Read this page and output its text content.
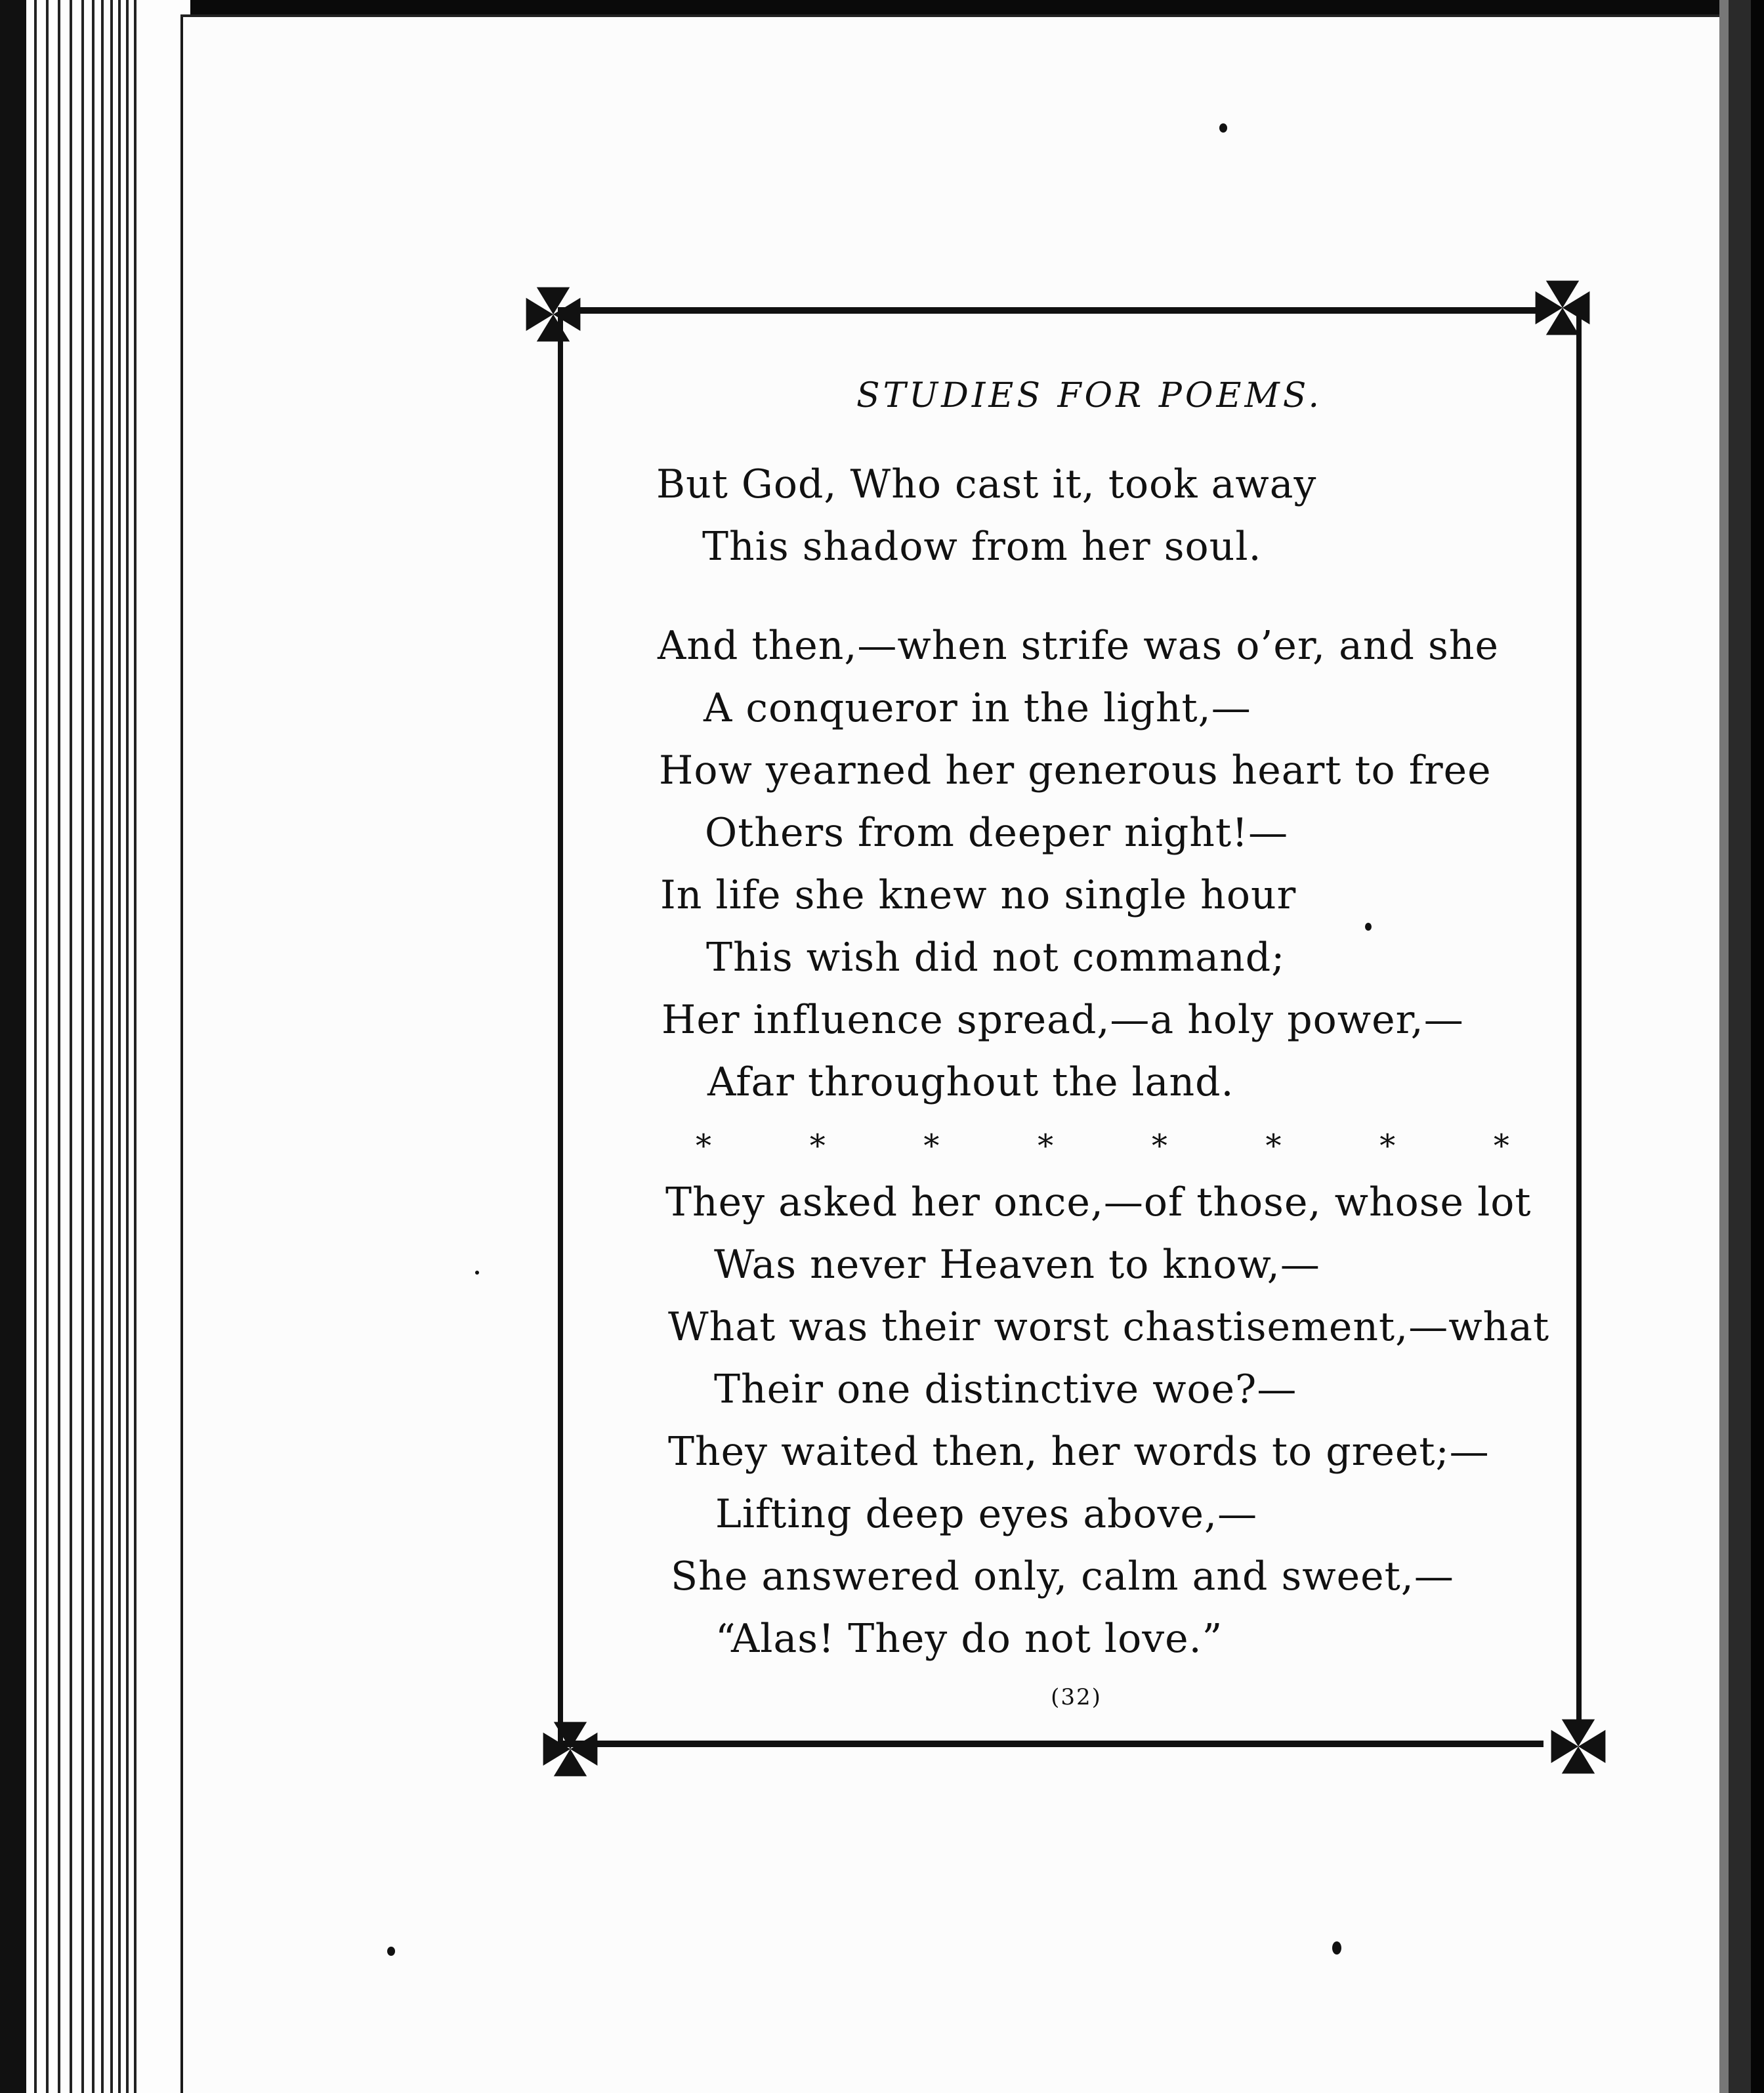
STUDIES FOR POEMS.
But God, Who cast it, took away
This shadow from her soul.
And then,—when strife was o’er, and she
A conqueror in the light,—
How yearned her generous heart to free
Others from deeper night!—
In life she knew no single hour
This wish did not command;
Her influence spread,—a holy power,—
Afar throughout the land.
*	*	*	*	*	*	*	*
They asked her once,—of those, whose lot
Was never Heaven to know,—
What was their worst chastisement,—what
Their one distinctive woe?—
They waited then, her words to greet;—
Lifting deep eyes above,—
She answered only, calm and sweet,—
“Alas! They do not love.”
(32)
